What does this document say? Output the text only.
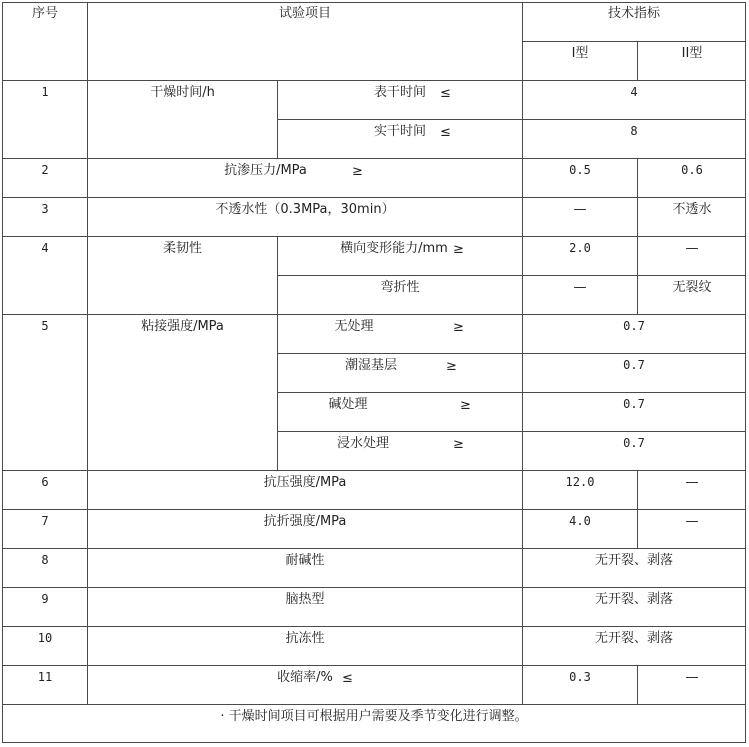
序号	试验项目	技术指标
I型	II型
1	干燥时间/h	表干时间	≤	4
实干时间	≤	8
2	抗渗压力/MPa	≥	0.5	0.6
3	不透水性（0.3MPa，30min）	—	不透水
4	柔韧性	横向变形能力/mm ≥	2.0	—
弯折性	—	无裂纹
5	粘接强度/MPa	无处理	≥	0.7
潮湿基层	≥	0.7
碱处理	≥	0.7
浸水处理	≥	0.7
6	抗压强度/MPa	12.0	—
7	抗折强度/MPa	4.0	—
8	耐碱性	无开裂、剥落
9	脑热型	无开裂、剥落
10	抗冻性	无开裂、剥落
11	收缩率/% ≤	0.3	—
· 干燥时间项目可根据用户需要及季节变化进行调整。
